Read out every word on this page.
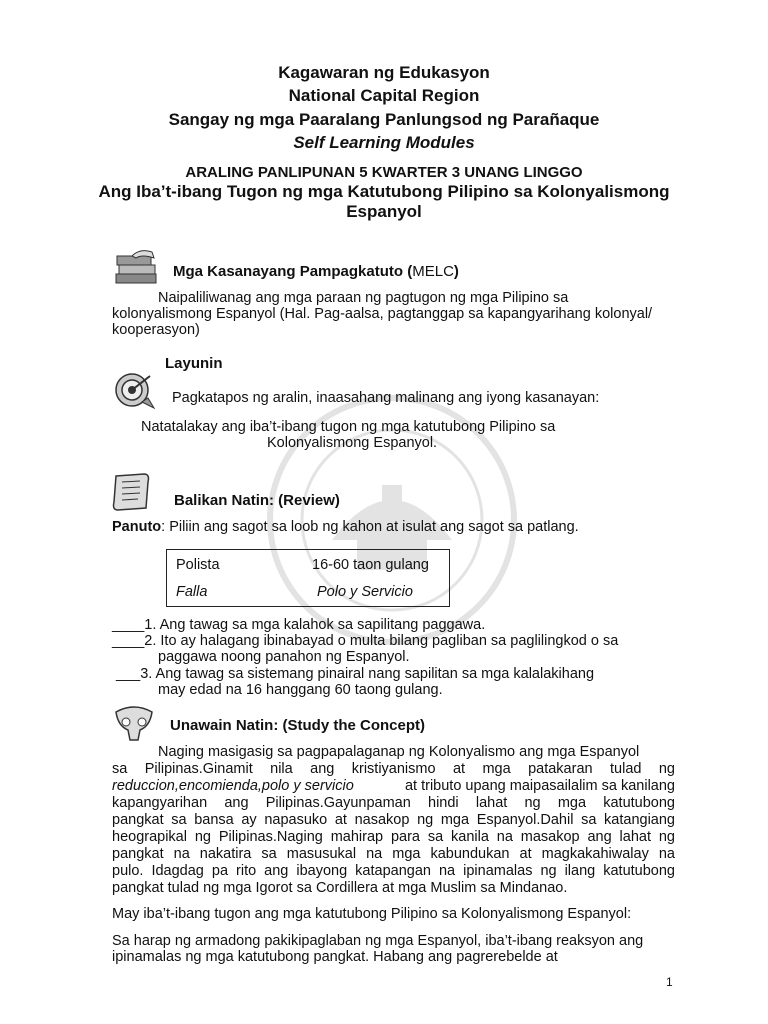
Kagawaran ng Edukasyon
National Capital Region
Sangay ng mga Paaralang Panlungsod ng Parañaque
Self Learning Modules
ARALING PANLIPUNAN 5 KWARTER 3 UNANG LINGGO
Ang Iba’t-ibang Tugon ng mga Katutubong Pilipino sa Kolonyalismong
Espanyol
Mga Kasanayang Pampagkatuto (MELC)
Naipaliliwanag ang mga paraan ng pagtugon ng mga Pilipino sa
kolonyalismong Espanyol (Hal. Pag-aalsa, pagtanggap sa kapangyarihang kolonyal/
kooperasyon)
Layunin
Pagkatapos ng aralin, inaasahang malinang ang iyong kasanayan:
Natatalakay ang iba’t-ibang tugon ng mga katutubong Pilipino sa
Kolonyalismong Espanyol.
Balikan Natin: (Review)
Panuto: Piliin ang sagot sa loob ng kahon at isulat ang sagot sa patlang.
Polista	16-60 taon gulang
Falla	Polo y Servicio
____1. Ang tawag sa mga kalahok sa sapilitang paggawa.
____2. Ito ay halagang ibinabayad o multa bilang pagliban sa paglilingkod o sa
paggawa noong panahon ng Espanyol.
___3. Ang tawag sa sistemang pinairal nang sapilitan sa mga kalalakihang
may edad na 16 hanggang 60 taong gulang.
Unawain Natin: (Study the Concept)
Naging masigasig sa pagpapalaganap ng Kolonyalismo ang mga Espanyol
sa Pilipinas.Ginamit nila ang kristiyanismo at mga patakaran tulad ng
reduccion,encomienda,polo y servicio	at tributo upang maipasailalim sa kanilang
kapangyarihan ang Pilipinas.Gayunpaman hindi lahat ng mga katutubong
pangkat sa bansa ay napasuko at nasakop ng mga Espanyol.Dahil sa katangiang
heograpikal ng Pilipinas.Naging mahirap para sa kanila na masakop ang lahat ng
pangkat na nakatira sa masusukal na mga kabundukan at magkakahiwalay na
pulo. Idagdag pa rito ang ibayong katapangan na ipinamalas ng ilang katutubong
pangkat tulad ng mga Igorot sa Cordillera at mga Muslim sa Mindanao.
May iba’t-ibang tugon ang mga katutubong Pilipino sa Kolonyalismong Espanyol:
Sa harap ng armadong pakikipaglaban ng mga Espanyol, iba’t-ibang reaksyon ang
ipinamalas ng mga katutubong pangkat. Habang ang pagrerebelde at
1
